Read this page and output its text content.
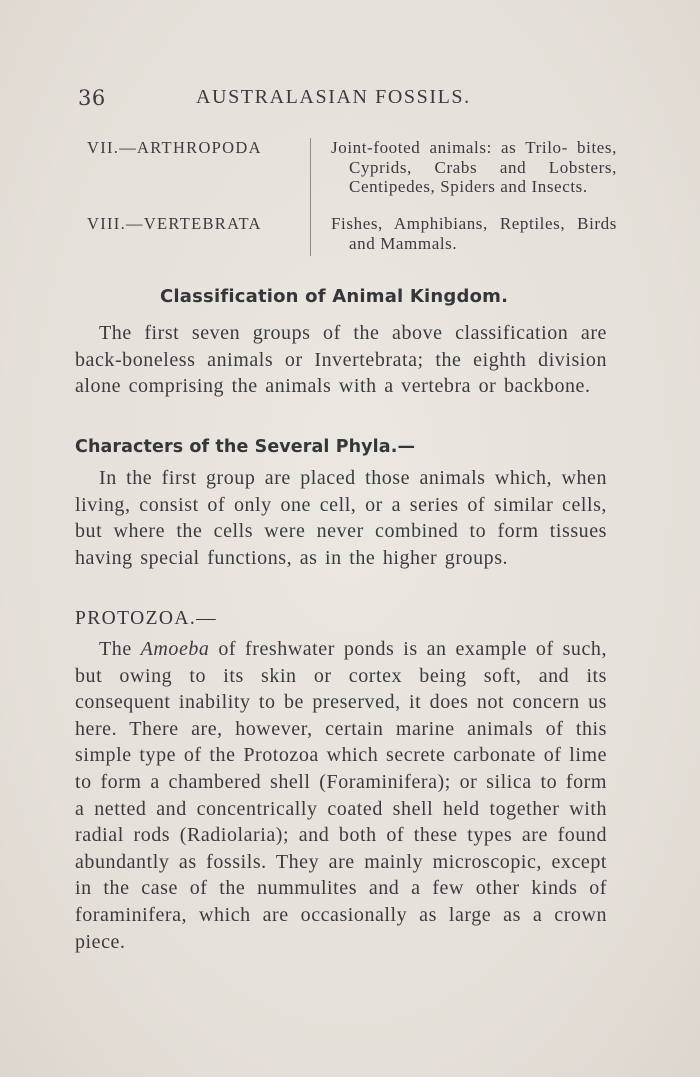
36	AUSTRALASIAN FOSSILS.
VII.—ARTHROPODA	Joint-footed animals: as Trilo- bites, Cyprids, Crabs and Lobsters, Centipedes, Spiders and Insects.
VIII.—VERTEBRATA	Fishes, Amphibians, Reptiles, Birds and Mammals.
Classification of Animal Kingdom.

The first seven groups of the above classification are back-boneless animals or Invertebrata; the eighth division alone comprising the animals with a vertebra or backbone.

Characters of the Several Phyla.—

In the first group are placed those animals which, when living, consist of only one cell, or a series of similar cells, but where the cells were never combined to form tissues having special functions, as in the higher groups.

PROTOZOA.—

The Amoeba of freshwater ponds is an example of such, but owing to its skin or cortex being soft, and its consequent inability to be preserved, it does not concern us here. There are, however, certain marine animals of this simple type of the Protozoa which secrete carbonate of lime to form a chambered shell (Foraminifera); or silica to form a netted and concentrically coated shell held together with radial rods (Radiolaria); and both of these types are found abundantly as fossils. They are mainly microscopic, except in the case of the nummulites and a few other kinds of foraminifera, which are occasionally as large as a crown piece.
